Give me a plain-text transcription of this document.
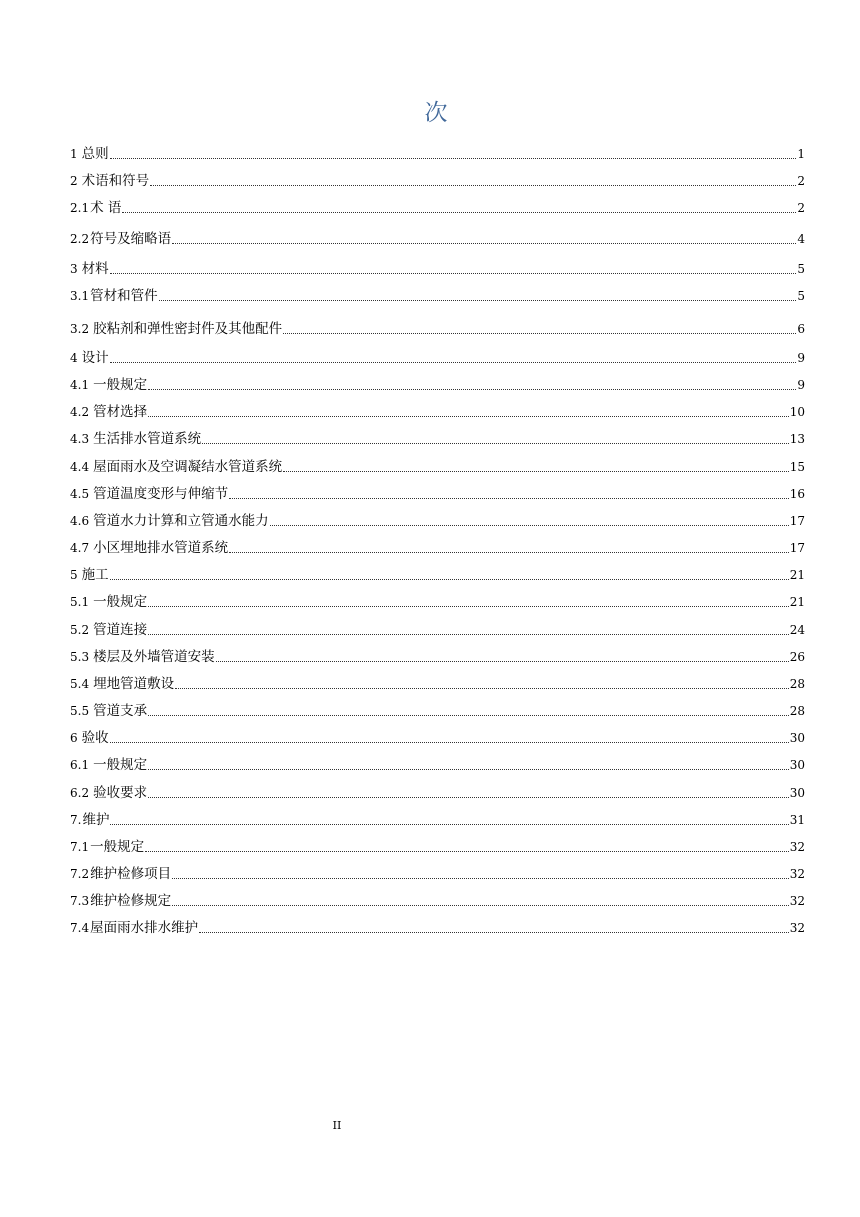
次
1 总则	1
2 术语和符号	2
2.1 术 语	2
2.2 符号及缩略语	4
3 材料	5
3.1 管材和管件	5
3.2 胶粘剂和弹性密封件及其他配件	6
4 设计	9
4.1 一般规定	9
4.2 管材选择	10
4.3 生活排水管道系统	13
4.4 屋面雨水及空调凝结水管道系统	15
4.5 管道温度变形与伸缩节	16
4.6 管道水力计算和立管通水能力	17
4.7 小区埋地排水管道系统	17
5 施工	21
5.1 一般规定	21
5.2 管道连接	24
5.3 楼层及外墙管道安装	26
5.4 埋地管道敷设	28
5.5 管道支承	28
6 验收	30
6.1 一般规定	30
6.2 验收要求	30
7. 维护	31
7.1 一般规定	32
7.2 维护检修项目	32
7.3 维护检修规定	32
7.4 屋面雨水排水维护	32
II
